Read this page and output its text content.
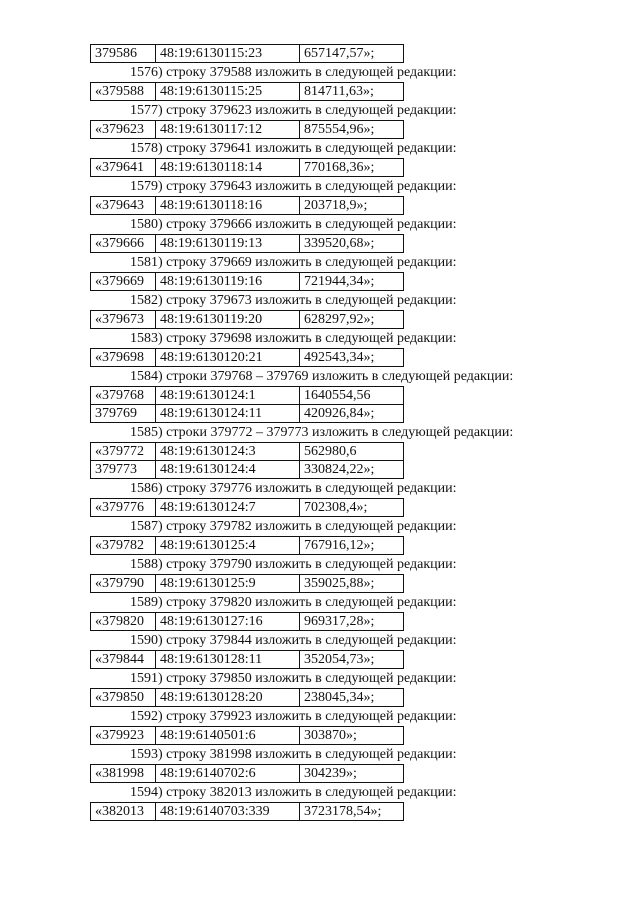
379586	48:19:6130115:23	657147,57»;
1576) строку 379588 изложить в следующей редакции:
«379588	48:19:6130115:25	814711,63»;
1577) строку 379623 изложить в следующей редакции:
«379623	48:19:6130117:12	875554,96»;
1578) строку 379641 изложить в следующей редакции:
«379641	48:19:6130118:14	770168,36»;
1579) строку 379643 изложить в следующей редакции:
«379643	48:19:6130118:16	203718,9»;
1580) строку 379666 изложить в следующей редакции:
«379666	48:19:6130119:13	339520,68»;
1581) строку 379669 изложить в следующей редакции:
«379669	48:19:6130119:16	721944,34»;
1582) строку 379673 изложить в следующей редакции:
«379673	48:19:6130119:20	628297,92»;
1583) строку 379698 изложить в следующей редакции:
«379698	48:19:6130120:21	492543,34»;
1584) строки 379768 – 379769 изложить в следующей редакции:
«379768	48:19:6130124:1	1640554,56
379769	48:19:6130124:11	420926,84»;
1585) строки 379772 – 379773 изложить в следующей редакции:
«379772	48:19:6130124:3	562980,6
379773	48:19:6130124:4	330824,22»;
1586) строку 379776 изложить в следующей редакции:
«379776	48:19:6130124:7	702308,4»;
1587) строку 379782 изложить в следующей редакции:
«379782	48:19:6130125:4	767916,12»;
1588) строку 379790 изложить в следующей редакции:
«379790	48:19:6130125:9	359025,88»;
1589) строку 379820 изложить в следующей редакции:
«379820	48:19:6130127:16	969317,28»;
1590) строку 379844 изложить в следующей редакции:
«379844	48:19:6130128:11	352054,73»;
1591) строку 379850 изложить в следующей редакции:
«379850	48:19:6130128:20	238045,34»;
1592) строку 379923 изложить в следующей редакции:
«379923	48:19:6140501:6	303870»;
1593) строку 381998 изложить в следующей редакции:
«381998	48:19:6140702:6	304239»;
1594) строку 382013 изложить в следующей редакции:
«382013	48:19:6140703:339	3723178,54»;
